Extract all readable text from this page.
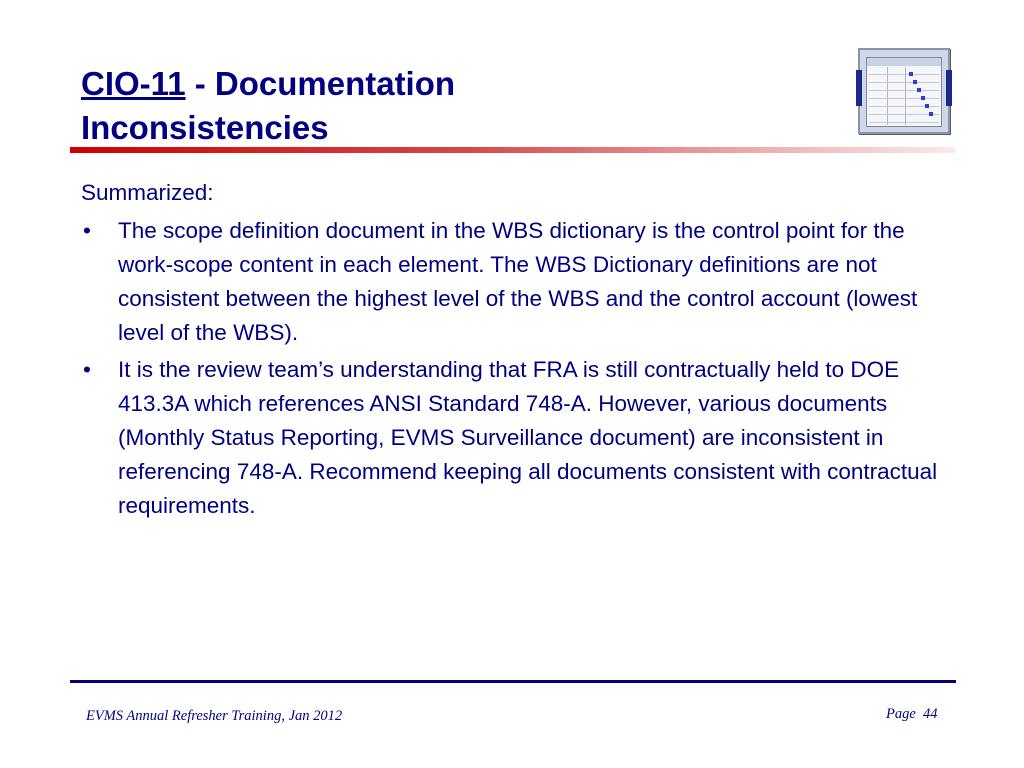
CIO-11 - Documentation
Inconsistencies
Summarized:
• The scope definition document in the WBS dictionary is the control point for the work-scope content in each element. The WBS Dictionary definitions are not consistent between the highest level of the WBS and the control account (lowest level of the WBS).
• It is the review team’s understanding that FRA is still contractually held to DOE 413.3A which references ANSI Standard 748-A. However, various documents (Monthly Status Reporting, EVMS Surveillance document) are inconsistent in referencing 748-A. Recommend keeping all documents consistent with contractual requirements.
EVMS Annual Refresher Training, Jan 2012	Page 44
